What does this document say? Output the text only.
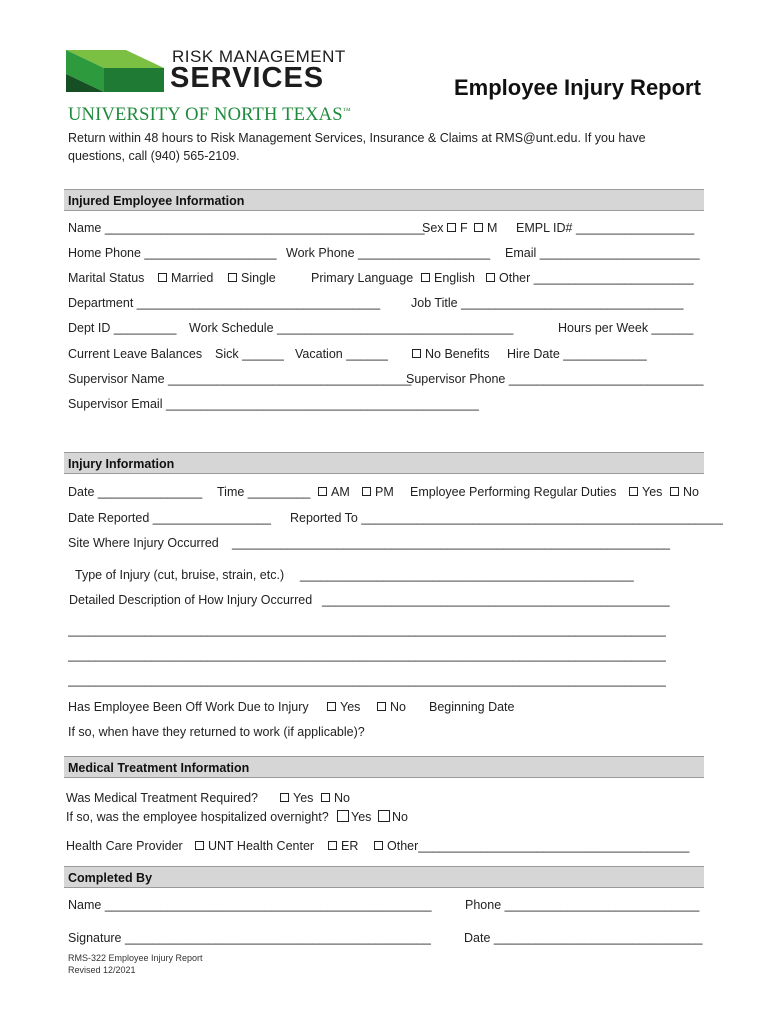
RISK MANAGEMENT
SERVICES
UNIVERSITY OF NORTH TEXAS™
Employee Injury Report
Return within 48 hours to Risk Management Services, Insurance & Claims at RMS@unt.edu. If you have questions, call (940) 565-2109.
Injured Employee Information
Name ______________________________________________
Sex	F	M EMPL ID# _________________
Home Phone ___________________ Work Phone ___________________ Email _______________________
Marital Status	Married	Single	Primary Language	English	Other _______________________
Department ___________________________________ Job Title ________________________________
Dept ID _________ Work Schedule __________________________________	Hours per Week ______
Current Leave Balances Sick ______ Vacation ______	No Benefits Hire Date ____________
Supervisor Name ___________________________________
Supervisor Phone ____________________________
Supervisor Email _____________________________________________
Injury Information
Date _______________ Time _________	AM	PM Employee Performing Regular Duties	Yes	No
Date Reported _________________ Reported To ____________________________________________________
Site Where Injury Occurred _______________________________________________________________
Type of Injury (cut, bruise, strain, etc.) ________________________________________________
Detailed Description of How Injury Occurred __________________________________________________
______________________________________________________________________________________
______________________________________________________________________________________
______________________________________________________________________________________
Has Employee Been Off Work Due to Injury	Yes	No Beginning Date
If so, when have they returned to work (if applicable)?
Medical Treatment Information
Was Medical Treatment Required?	Yes	No
If so, was the employee hospitalized overnight?	Yes	No
Health Care Provider	UNT Health Center	ER	Other_______________________________________
Completed By
Name _______________________________________________	Phone ____________________________
Signature ____________________________________________	Date ______________________________
RMS-322 Employee Injury Report
Revised 12/2021
